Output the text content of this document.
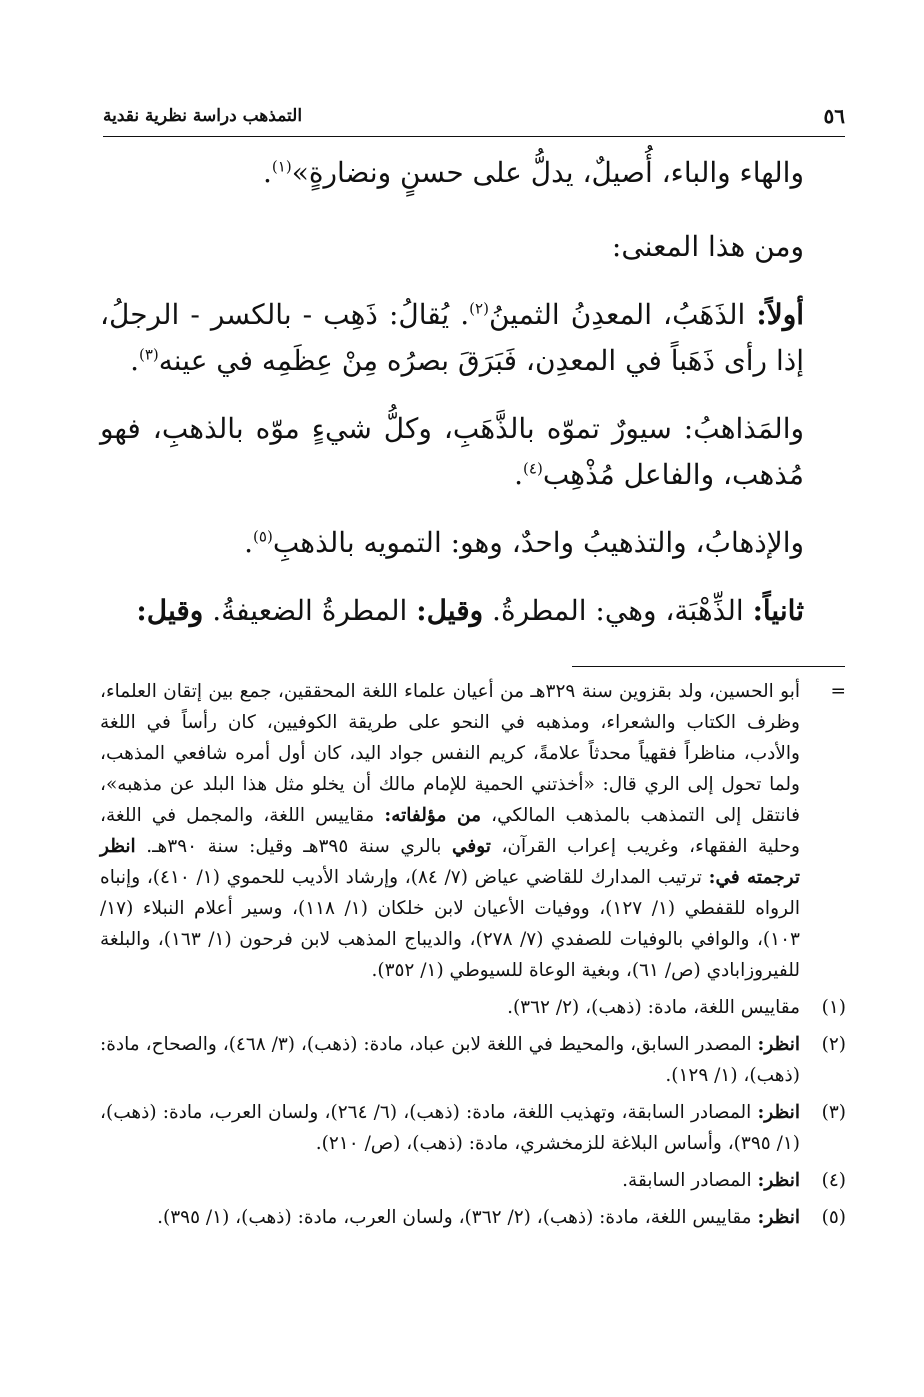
٥٦
التمذهب دراسة نظرية نقدية

والهاء والباء، أُصيلٌ، يدلُّ على حسنٍ ونضارةٍ»$^{(١)}$.

ومن هذا المعنى:

أولاً: الذَهَبُ، المعدِنُ الثمينُ$^{(٢)}$. يُقالُ: ذَهِب - بالكسر - الرجلُ، إذا رأى ذَهَباً في المعدِن، فَبَرَقَ بصرُه مِنْ عِظَمِه في عينه$^{(٣)}$.

والمَذاهبُ: سيورٌ تموّه بالذَّهَبِ، وكلُّ شيءٍ موّه بالذهبِ، فهو مُذهب، والفاعل مُذْهِب$^{(٤)}$.

والإذهابُ، والتذهيبُ واحدٌ، وهو: التمويه بالذهبِ$^{(٥)}$.

ثانياً: الذِّهْبَة، وهي: المطرةُ. وقيل: المطرةُ الضعيفةُ. وقيل:

=
أبو الحسين، ولد بقزوين سنة ٣٢٩هـ من أعيان علماء اللغة المحققين، جمع بين إتقان العلماء، وظرف الكتاب والشعراء، ومذهبه في النحو على طريقة الكوفيين، كان رأساً في اللغة والأدب، مناظراً فقهياً محدثاً علامةً، كريم النفس جواد اليد، كان أول أمره شافعي المذهب، ولما تحول إلى الري قال: «أخذتني الحمية للإمام مالك أن يخلو مثل هذا البلد عن مذهبه»، فانتقل إلى التمذهب بالمذهب المالكي، من مؤلفاته: مقاييس اللغة، والمجمل في اللغة، وحلية الفقهاء، وغريب إعراب القرآن، توفي بالري سنة ٣٩٥هـ وقيل: سنة ٣٩٠هـ. انظر ترجمته في: ترتيب المدارك للقاضي عياض (٧/ ٨٤)، وإرشاد الأديب للحموي (١/ ٤١٠)، وإنباه الرواه للقفطي (١/ ١٢٧)، ووفيات الأعيان لابن خلكان (١/ ١١٨)، وسير أعلام النبلاء (١٧/ ١٠٣)، والوافي بالوفيات للصفدي (٧/ ٢٧٨)، والديباج المذهب لابن فرحون (١/ ١٦٣)، والبلغة للفيروزابادي (ص/ ٦١)، وبغية الوعاة للسيوطي (١/ ٣٥٢).
(١)
مقاييس اللغة، مادة: (ذهب)، (٢/ ٣٦٢).
(٢)
انظر: المصدر السابق، والمحيط في اللغة لابن عباد، مادة: (ذهب)، (٣/ ٤٦٨)، والصحاح، مادة: (ذهب)، (١/ ١٢٩).
(٣)
انظر: المصادر السابقة، وتهذيب اللغة، مادة: (ذهب)، (٦/ ٢٦٤)، ولسان العرب، مادة: (ذهب)، (١/ ٣٩٥)، وأساس البلاغة للزمخشري، مادة: (ذهب)، (ص/ ٢١٠).
(٤)
انظر: المصادر السابقة.
(٥)
انظر: مقاييس اللغة، مادة: (ذهب)، (٢/ ٣٦٢)، ولسان العرب، مادة: (ذهب)، (١/ ٣٩٥).
